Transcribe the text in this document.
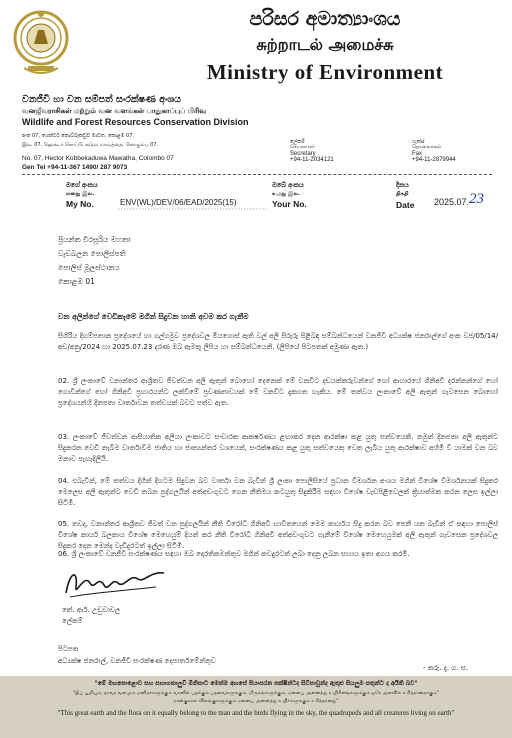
පරිසර අමාත්‍යාංශය
சுற்றாடல் அமைச்சு
Ministry of Environment
වනජීවී හා වන සම්පත් සංරක්ෂණ අංශය
வனஜீவராசிகள் மற்றும் வன வளங்கள் பாதுகாப்புப் பிரிவு
Wildlife and Forest Resources Conservation Division
අංක 07, හෙක්ටර් කොබ්බෑකඩුව මාවත, කොළඹ 07.
இல. 07, ஹெக்டர் கொப்பேகடுவ மாவத்தை, கொழும்பு 07.
No. 07, Hector Kobbekaduwa Mawatha, Colombo 07
Gen Tel +94-11-367 1490/ 287 9073
ලේකම්
செயலாளர்
Secretary
+94-11-2034121
ෆැක්ස්
தொலைநகல்
Fax
+94-11-2879944
මගේ අංකය
எனது இல.
My No.	ENV(WL)/DEV/06/EAD/2025(15)
ඔබේ අංකය
உமது இல.
Your No.
දිනය
திகதி
Date 2025.07. 23
ප්‍රියන්ත වීරසූරිය මහතා
වැඩබලන පොලිස්පති
පොලිස් මූලස්ථානය
කොළඹ 01
වන අලින්ගේ වෙඩිකෑමේ මගින් සිදුවන හානි අවම කර ගැනීම
සිගිරිය දිගම්පතාන ප්‍රදේශයේ හා ගල්ගමුව ප්‍රදේශවල මියගොස් ඇති වල් අලි සිරුරු පිළිබඳ සම්බන්ධයෙන් වනජීවී අධ්‍යක්ෂ ජනරාල්ගේ අංක වජ/05/14/අඩ/අනු/2024 හා 2025.07.23 දරණ ඔබ ඇමතූ ලිපිය හා සම්බන්ධයෙනි. (ලිපියේ පිටපතක් අමුණා ඇත.)
02. ශ්‍රී ලංකාවේ වනාන්තර ආශ්‍රිතව ජීවත්වන අලි ඇතුන් බොහෝ දෙනෙක් මේ වනවිට දඩයක්කරුවන්ගේ හෝ ආහාරයේ ගිනිඅවි දරන්නන්ගේ හෝ ගොවීන්ගේ හෝ ගිනිඅවි ප්‍රහාරයන්ට ලක්වීමේ ප්‍රවණතාවයක් මේ වනවිට දැකගත හැකිය. මේ තත්වය ලංකාවේ අලි ඇතුන් ගැවසෙන බොහෝ ප්‍රදේශයන්හි දිනපතා වාර්තාවන තත්වයක් බවට පත්ව ඇත.
03. ලංකාවේ ජීවත්වන ආසියාතික අලියා ලංකාවට සංචාරක ආකර්ෂණය ළඟාකර දෙන ආරක්ෂා කළ යුතු සත්වයෙකි. නමුත් දිනපතා අලි ඇතුන්ට සිදුකරන වෙඩි තැබීම වාර්තාවීම ජාතිය හා ජාත්‍යන්තර වශයෙන්, සංරක්ෂණය කළ යුතු සත්වයෙකු වෙත ලැබිය යුතු ආරක්ෂාව අහිමි වී යාමක් වන බව මනාව පැහැදිලියි.
04. එබැවින්, මේ තත්වය දිගින් දිගටම සිදුවන බව වාර්තා වන බැවින් ශ්‍රී ලංකා පොලිසියේ ප්‍රධාන විමර්ශන අංශය මගින් විශේෂ විමර්ශනයක් සිදුකර මෙලෙස අලි ඇතුන්ට වෙඩි තබන පුද්ගලයින් අත්අඩංගුවට ගෙන නීතිමය කටයුතු සිදුකිරීම සඳහා විශේෂ වැඩපිළිවෙලක් ක්‍රියාත්මක කරන ලෙස ඉල්ලා සිටිමි.
05. තවද, වනාන්තර ආශ්‍රිතව ජීවත් වන පුද්ගලයින් නීති විරෝධී ගිනිඅවි භාවිතයෙන් මෙම කාර්යය සිදු කරන බව පෙනී යන බැවින් ඒ සඳහා පොලිස් විශේෂ කාර්ය බලකාය විශේෂ මෙහෙයුම් දියත් කර නීති විරෝධී ගිනිඅවි අත්අඩංගුවට ගැනීමේ විශේෂ මෙහෙයුමක් අලි ඇතුන් ගැවසෙන ප්‍රදේශවල සිදුකර දෙන මෙන්ද වැඩිදුරටත් ඉල්ලා සිටිමි.
06. ශ්‍රී ලංකාවේ වනජීවී සංරක්ෂණය සඳහා ඔබ දොරතිකමන්තුව මගින් කවදුරටත් ලබා දෙනු ලබන සහාය ඉතා අගය කරමි.
කේ. ආර්. උඩුවාවල
ලේකම්
පිටපත
අධ්‍යක්ෂ ජනරාල්, වනජීවී සංරක්ෂණ දෙපාර්තමේන්තුව
- කරු. දැ. ග. ස.
"මේ මහපොළොව සහ සභාගතාලුවී මිනිසාට මෙන්ම අහසේ පියාසරන පක්ෂීන්ටද සිව්පාවුන්ද ඇතුළු සියලුම සතුන්ට ද අයිති බව"
"இப் பூமியும், தாவர வளமும் மனிதர்களுக்கும் வானில் பறக்கும் பறவைகளுக்கும், மிருகங்களுக்கும், ஏனைய அனைத்து உயிரினங்களுக்கும் ஒரே அளவில் உரித்தானதாகும்"
நான்குகால் விலங்குகளுக்கும் ஏனைய அனைத்து உயிர்களுக்கும் உரித்தானது"
"This great earth and the flora on it equally belong to the man and the birds flying in the sky, the quadrupeds and all creatures living on earth"
